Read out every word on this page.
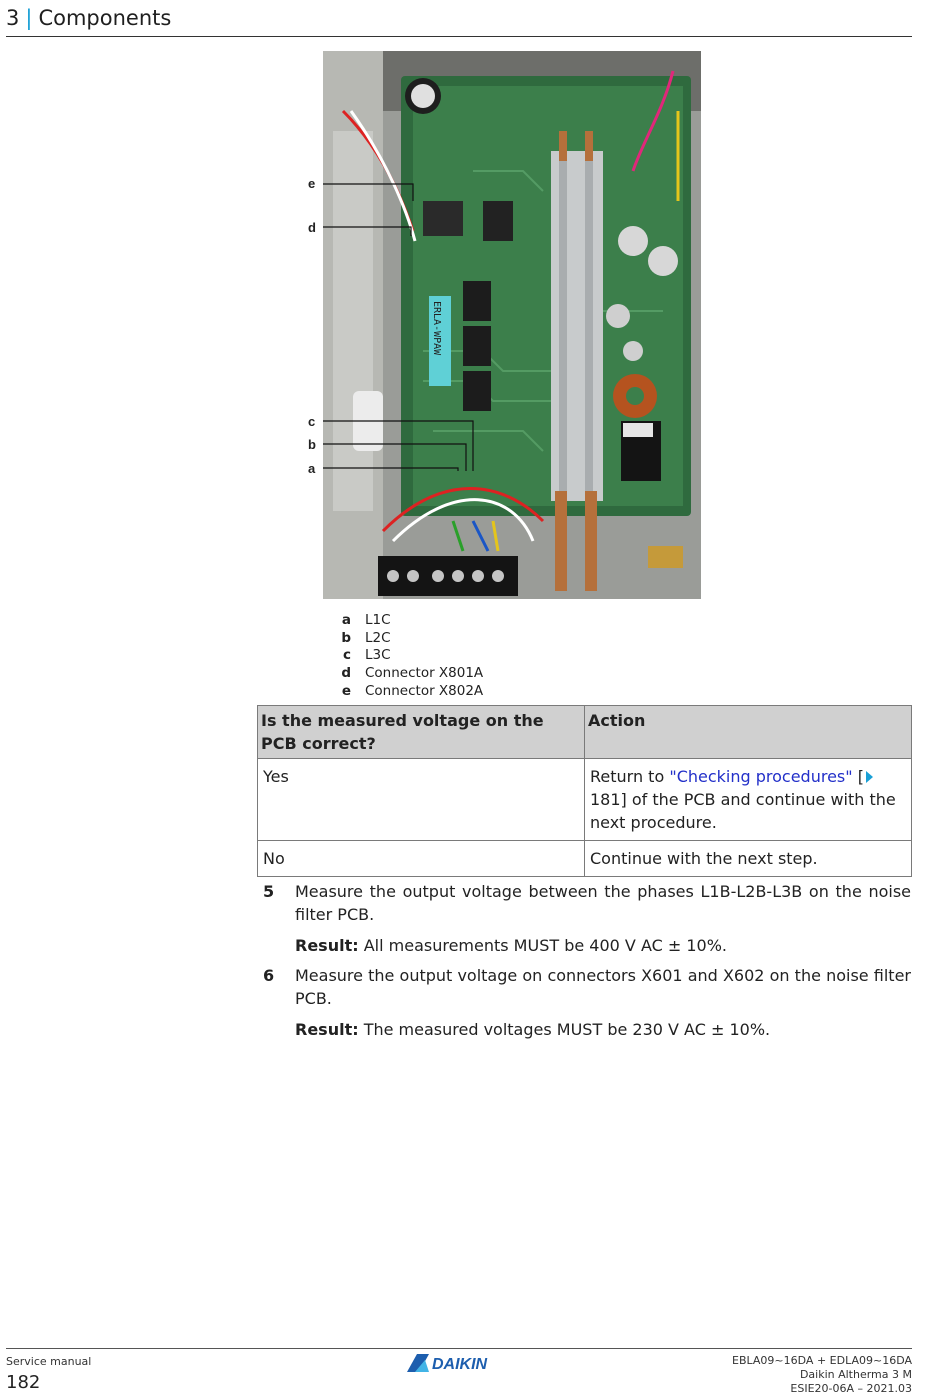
3 | Components
ERLA-WPAW
e
d
c
b
a
a L1C
b L2C
c L3C
d Connector X801A
e Connector X802A
Is the measured voltage on the PCB correct?	Action
Yes	Return to "Checking procedures" [ 181] of the PCB and continue with the next procedure.
No	Continue with the next step.
5 Measure the output voltage between the phases L1B-L2B-L3B on the noise filter PCB.
Result: All measurements MUST be 400 V AC ± 10%.
6 Measure the output voltage on connectors X601 and X602 on the noise filter PCB.
Result: The measured voltages MUST be 230 V AC ± 10%.
Service manual
182
DAIKIN	EBLA09~16DA + EDLA09~16DA
Daikin Altherma 3 M
ESIE20-06A – 2021.03
